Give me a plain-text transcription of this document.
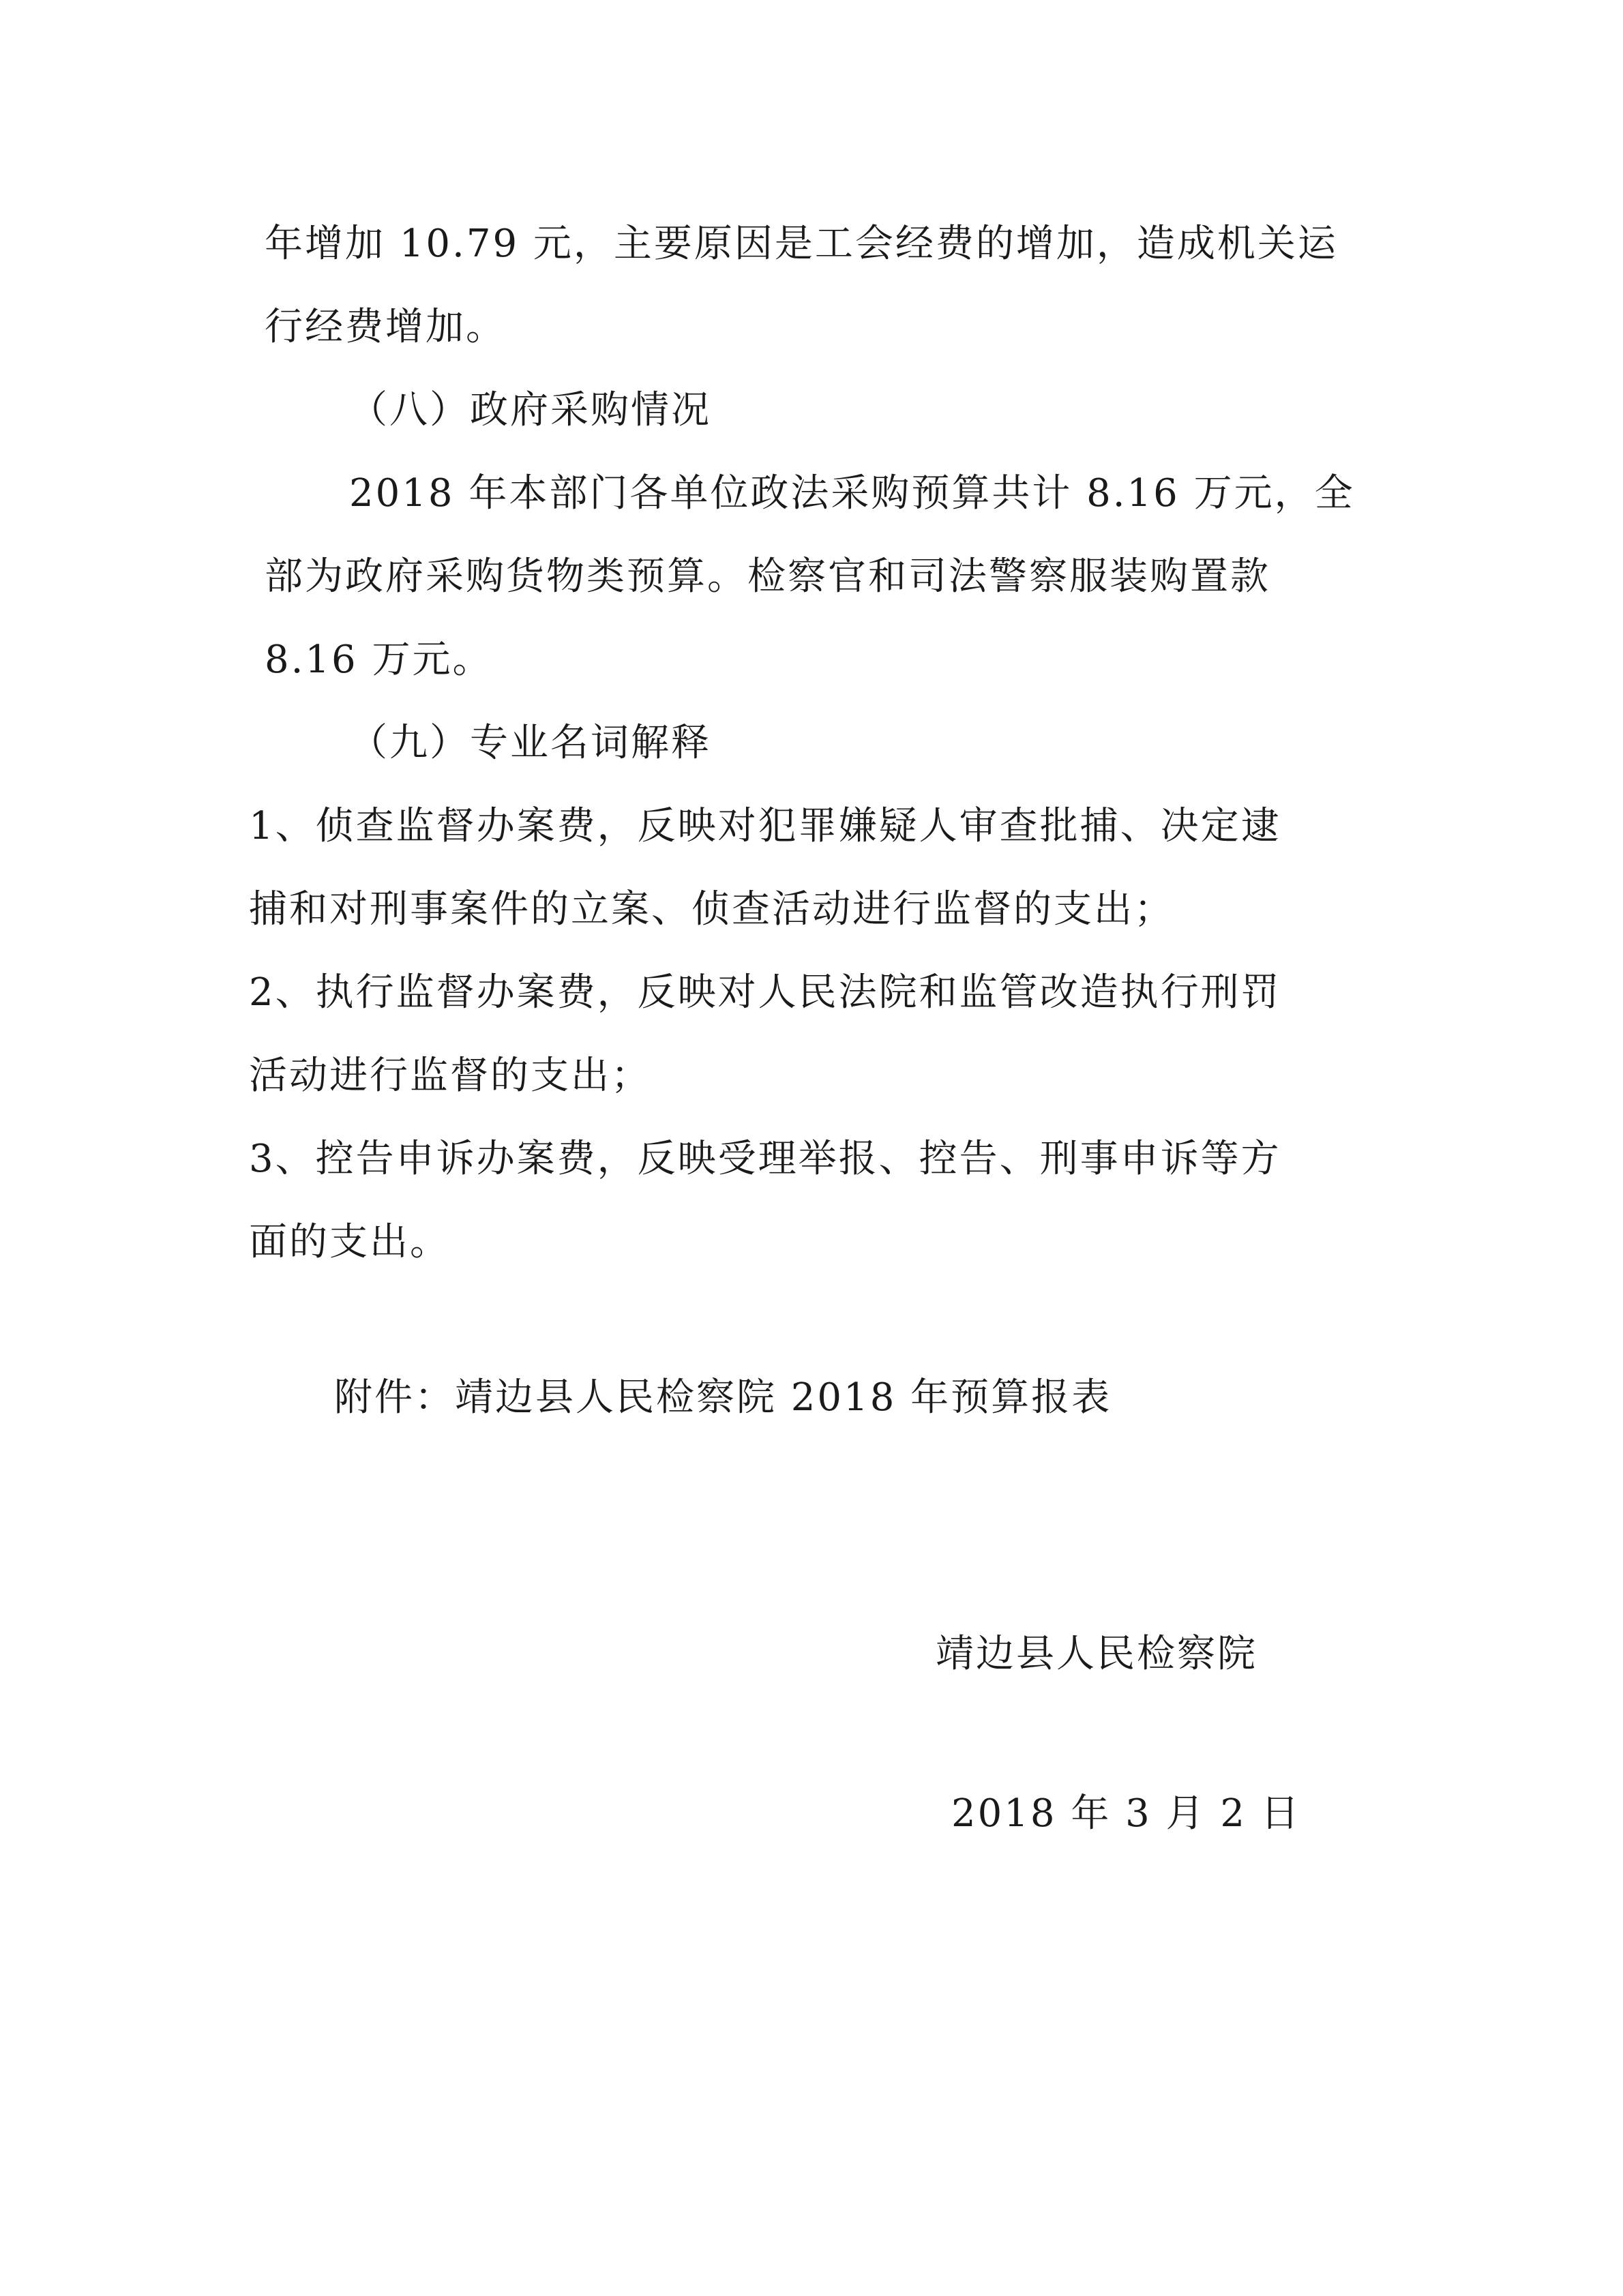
年增加 10.79 元，主要原因是工会经费的增加，造成机关运
行经费增加。
（八）政府采购情况
2018 年本部门各单位政法采购预算共计 8.16 万元，全
部为政府采购货物类预算。检察官和司法警察服装购置款
8.16 万元。
（九）专业名词解释
1、侦查监督办案费，反映对犯罪嫌疑人审查批捕、决定逮
捕和对刑事案件的立案、侦查活动进行监督的支出；
2、执行监督办案费，反映对人民法院和监管改造执行刑罚
活动进行监督的支出；
3、控告申诉办案费，反映受理举报、控告、刑事申诉等方
面的支出。
附件：靖边县人民检察院 2018 年预算报表
靖边县人民检察院
2018 年 3 月 2 日
